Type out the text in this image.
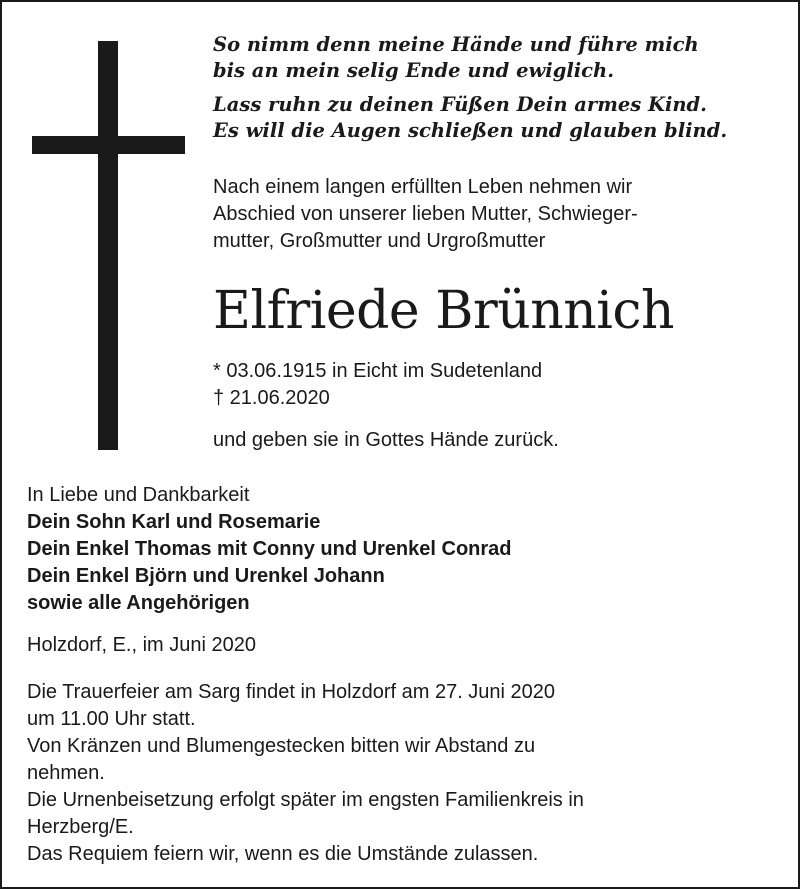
So nimm denn meine Hände und führe mich
bis an mein selig Ende und ewiglich.
Lass ruhn zu deinen Füßen Dein armes Kind.
Es will die Augen schließen und glauben blind.
Nach einem langen erfüllten Leben nehmen wir
Abschied von unserer lieben Mutter, Schwieger-
mutter, Großmutter und Urgroßmutter
Elfriede Brünnich
* 03.06.1915 in Eicht im Sudetenland
† 21.06.2020
und geben sie in Gottes Hände zurück.
In Liebe und Dankbarkeit
Dein Sohn Karl und Rosemarie
Dein Enkel Thomas mit Conny und Urenkel Conrad
Dein Enkel Björn und Urenkel Johann
sowie alle Angehörigen
Holzdorf, E., im Juni 2020
Die Trauerfeier am Sarg findet in Holzdorf am 27. Juni 2020
um 11.00 Uhr statt.
Von Kränzen und Blumengestecken bitten wir Abstand zu
nehmen.
Die Urnenbeisetzung erfolgt später im engsten Familienkreis in
Herzberg/E.
Das Requiem feiern wir, wenn es die Umstände zulassen.
